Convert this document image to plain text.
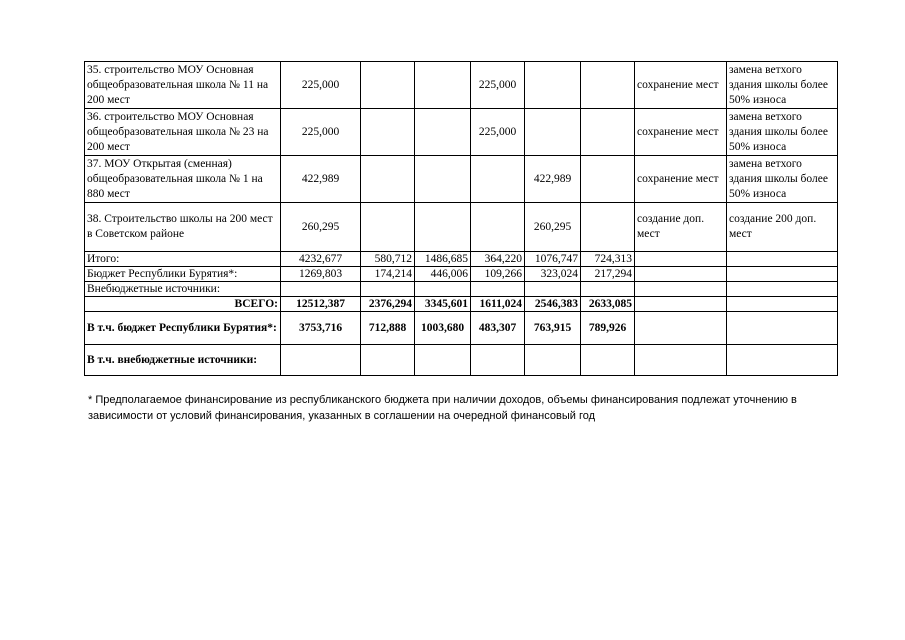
35. строительство МОУ Основная общеобразовательная школа № 11 на 200 мест	225,000			225,000			сохранение мест	замена ветхого здания школы более 50% износа
36. строительство МОУ Основная общеобразовательная школа № 23 на 200 мест	225,000			225,000			сохранение мест	замена ветхого здания школы более 50% износа
37. МОУ Открытая (сменная) общеобразовательная школа № 1 на 880 мест	422,989				422,989		сохранение мест	замена ветхого здания школы более 50% износа
38. Строительство школы на 200 мест в Советском районе	260,295				260,295		создание доп. мест	создание 200 доп. мест
Итого:	4232,677	580,712	1486,685	364,220	1076,747	724,313		
Бюджет Республики Бурятия*:	1269,803	174,214	446,006	109,266	323,024	217,294		
Внебюджетные источники:								
ВСЕГО:	12512,387	2376,294	3345,601	1611,024	2546,383	2633,085		
В т.ч. бюджет Республики Бурятия*:	3753,716	712,888	1003,680	483,307	763,915	789,926		
В т.ч. внебюджетные источники:								
* Предполагаемое финансирование из республиканского бюджета при наличии доходов, объемы финансирования подлежат уточнению в зависимости от условий финансирования, указанных в соглашении на очередной финансовый год
